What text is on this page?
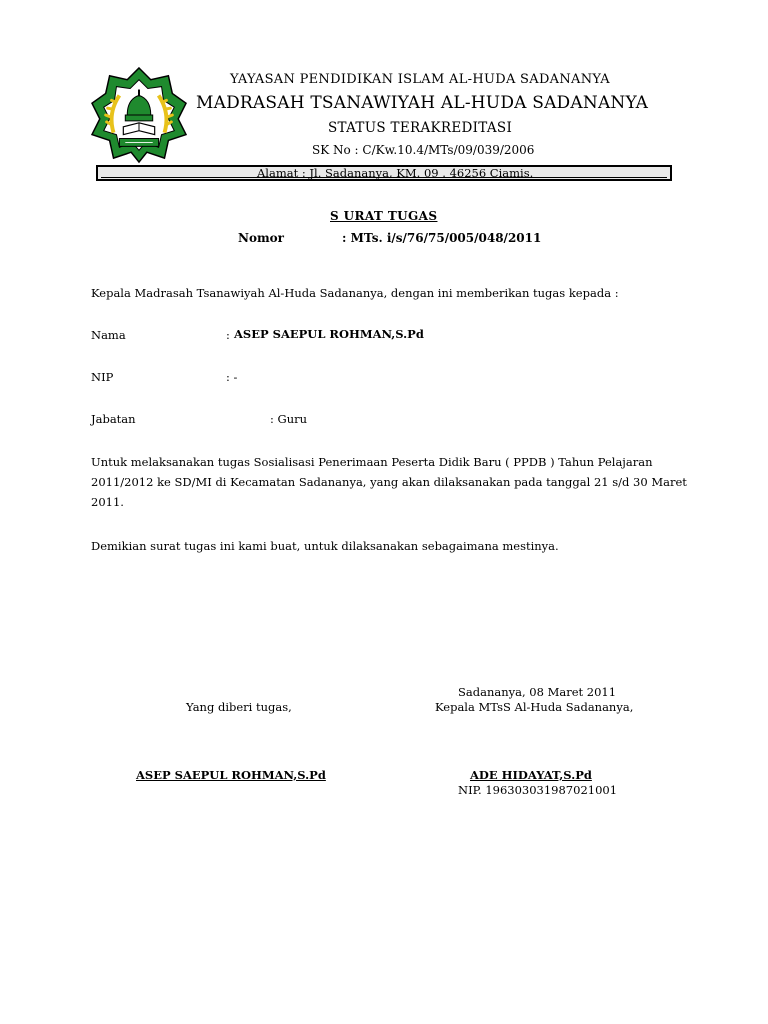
YAYASAN PENDIDIKAN ISLAM AL-HUDA SADANANYA
MADRASAH TSANAWIYAH AL-HUDA SADANANYA
STATUS TERAKREDITASI
SK No : C/Kw.10.4/MTs/09/039/2006
Alamat : Jl. Sadananya, KM. 09 . 46256 Ciamis.
S URAT TUGAS
Nomor	: MTs. i/s/76/75/005/048/2011
Kepala Madrasah Tsanawiyah Al-Huda Sadananya, dengan ini memberikan tugas kepada :
Nama	: ASEP SAEPUL ROHMAN,S.Pd
NIP	: -
Jabatan	: Guru
Untuk melaksanakan tugas Sosialisasi Penerimaan Peserta Didik Baru ( PPDB ) Tahun Pelajaran 2011/2012 ke SD/MI di Kecamatan Sadananya, yang akan dilaksanakan pada tanggal 21 s/d 30 Maret 2011.
Demikian surat tugas ini kami buat, untuk dilaksanakan sebagaimana mestinya.
Sadananya, 08 Maret 2011
Yang diberi tugas,	Kepala MTsS Al-Huda Sadananya,
ASEP SAEPUL ROHMAN,S.Pd	ADE HIDAYAT,S.Pd
NIP. 196303031987021001
